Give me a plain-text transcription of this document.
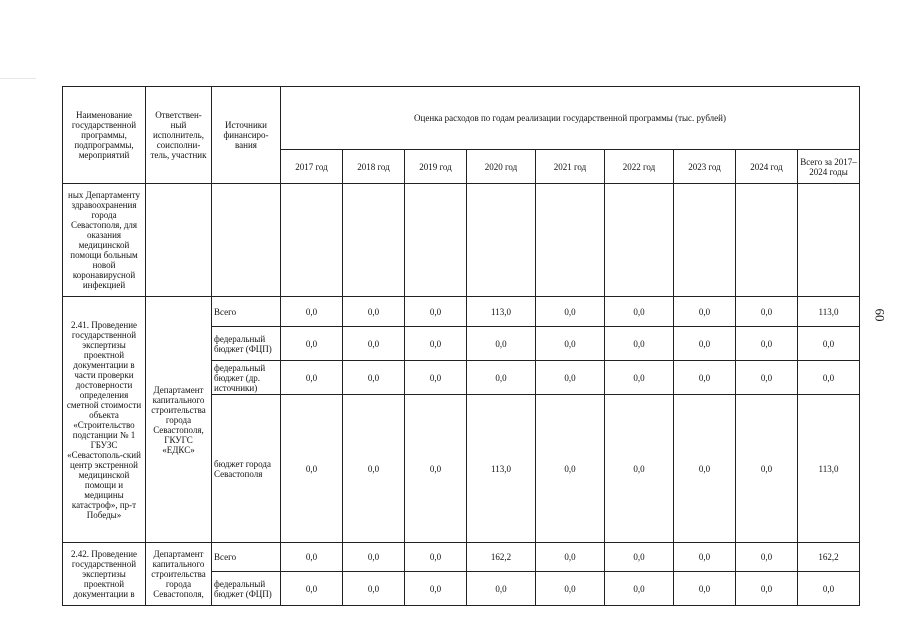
Наименование государственной программы, подпрограммы, мероприятий	Ответствен-ный исполнитель, соисполни-тель, участник	Источники финансиро-вания	Оценка расходов по годам реализации государственной программы (тыс. рублей)								
			2017 год	2018 год	2019 год	2020 год	2021 год	2022 год	2023 год	2024 год	Всего за 2017–2024 годы
ных Департаменту здравоохранения города Севастополя, для оказания медицинской помощи больным новой коронавирусной инфекцией											
2.41. Проведение государственной экспертизы проектной документации в части проверки достоверности определения сметной стоимости объекта «Строительство подстанции № 1 ГБУЗС «Севастополь-ский центр экстренной медицинской помощи и медицины катастроф», пр-т Победы»	Департамент капитального строительства города Севастополя, ГКУГС «ЕДКС»	Всего	0,0	0,0	0,0	113,0	0,0	0,0	0,0	0,0	113,0
		федеральный бюджет (ФЦП)	0,0	0,0	0,0	0,0	0,0	0,0	0,0	0,0	0,0
		федеральный бюджет (др. источники)	0,0	0,0	0,0	0,0	0,0	0,0	0,0	0,0	0,0
		бюджет города Севастополя	0,0	0,0	0,0	113,0	0,0	0,0	0,0	0,0	113,0
2.42. Проведение государственной экспертизы проектной документации в	Департамент капитального строительства города Севастополя,	Всего	0,0	0,0	0,0	162,2	0,0	0,0	0,0	0,0	162,2
		федеральный бюджет (ФЦП)	0,0	0,0	0,0	0,0	0,0	0,0	0,0	0,0	0,0
60
